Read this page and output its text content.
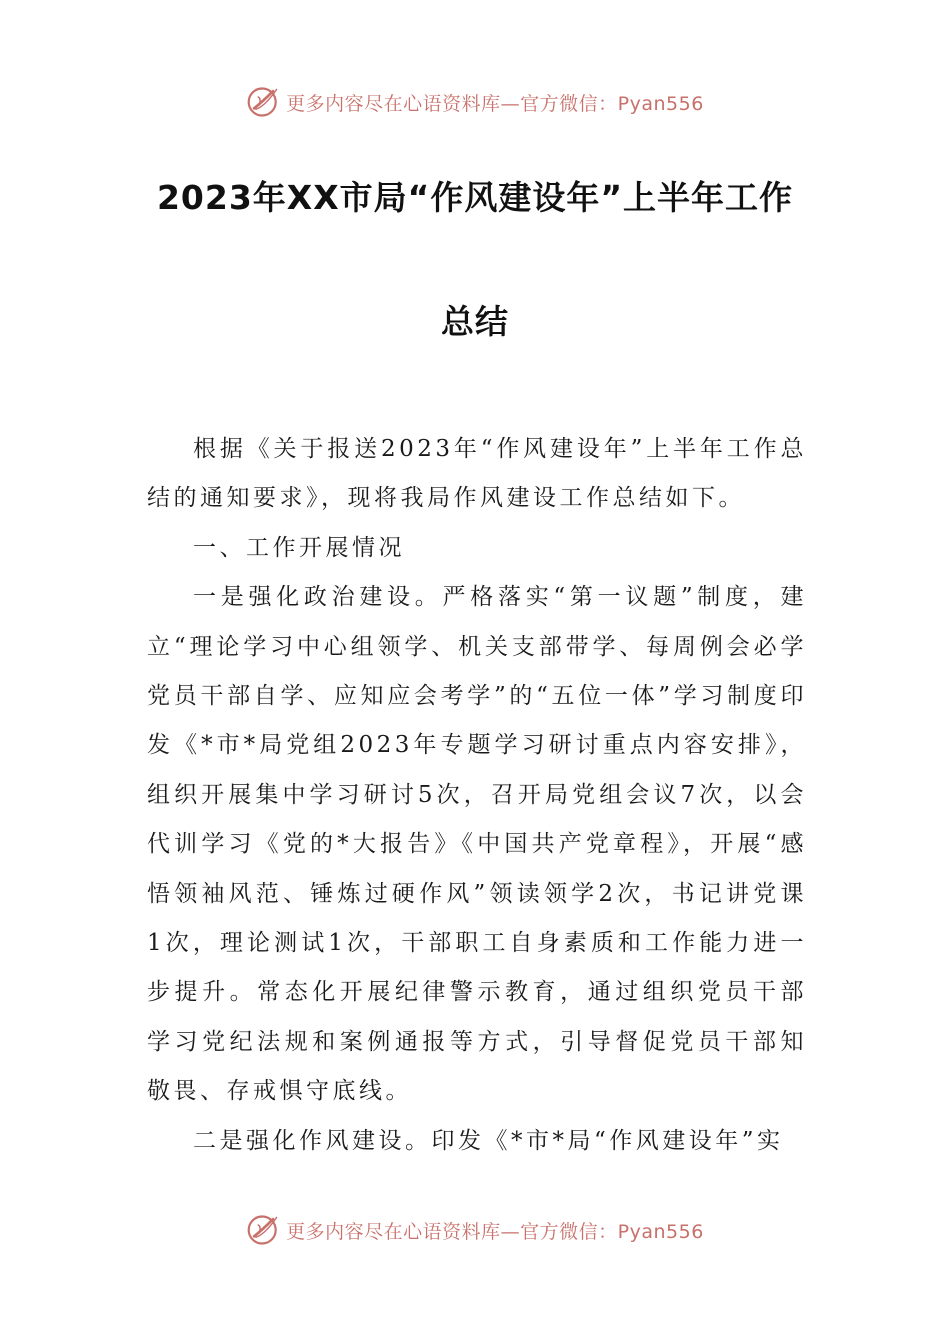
更多内容尽在心语资料库—官方微信：Pyan556
2023年XX市局“作风建设年”上半年工作
总结

根据《关于报送2023年“作风建设年”上半年工作总结的通知要求》，现将我局作风建设工作总结如下。

一、工作开展情况

一是强化政治建设。严格落实“第一议题”制度，建立“理论学习中心组领学、机关支部带学、每周例会必学党员干部自学、应知应会考学”的“五位一体”学习制度印发《*市*局党组2023年专题学习研讨重点内容安排》，组织开展集中学习研讨5次，召开局党组会议7次，以会代训学习《党的*大报告》《中国共产党章程》，开展“感悟领袖风范、锤炼过硬作风”领读领学2次，书记讲党课1次，理论测试1次，干部职工自身素质和工作能力进一步提升。常态化开展纪律警示教育，通过组织党员干部学习党纪法规和案例通报等方式，引导督促党员干部知敬畏、存戒惧守底线。

二是强化作风建设。印发《*市*局“作风建设年”实

更多内容尽在心语资料库—官方微信：Pyan556
